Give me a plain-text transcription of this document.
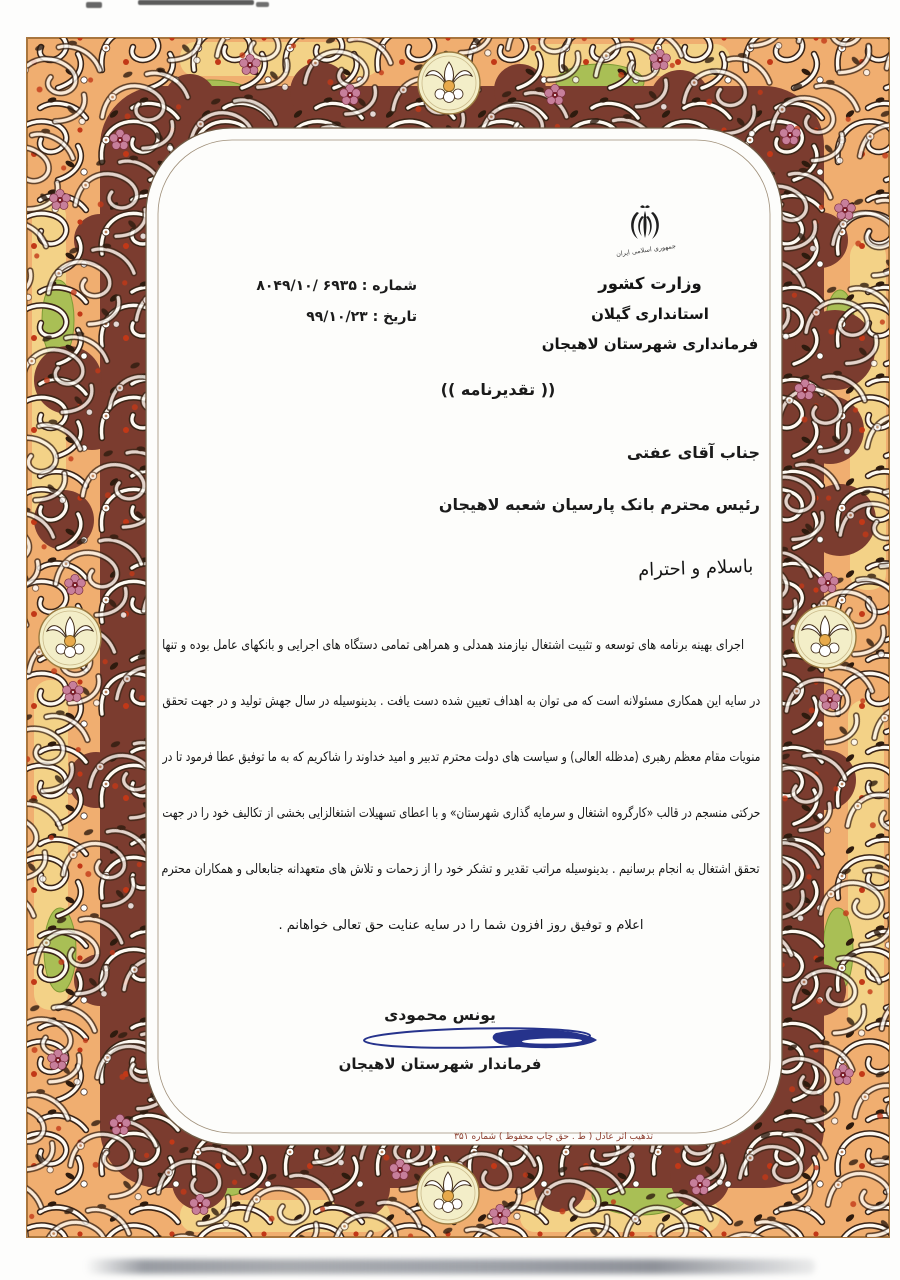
جمهوری اسلامی ایران
وزارت کشور
استانداری گیلان
فرمانداری شهرستان لاهیجان
شماره : ۸۰۴۹/۱۰/ ۶۹۳۵
تاریخ : ۹۹/۱۰/۲۳
(( تقدیرنامه ))
جناب آقای عفتی
رئیس محترم بانک پارسیان شعبه لاهیجان
باسلام و احترام
اجرای بهینه برنامه های توسعه و تثبیت اشتغال نیازمند همدلی و همراهی تمامی دستگاه های اجرایی و بانکهای عامل بوده و تنها
در سایه این همکاری مسئولانه است که می توان به اهداف تعیین شده دست یافت . بدینوسیله در سال جهش تولید و در جهت تحقق
منویات مقام معظم رهبری (مدظله العالی) و سیاست های دولت محترم تدبیر و امید خداوند را شاکریم که به ما توفیق عطا فرمود تا در
حرکتی منسجم در قالب «کارگروه اشتغال و سرمایه گذاری شهرستان» و با اعطای تسهیلات اشتغالزایی بخشی از تکالیف خود را در جهت
تحقق اشتغال به انجام برسانیم . بدینوسیله مراتب تقدیر و تشکر خود را از زحمات و تلاش های متعهدانه جنابعالی و همکاران محترم
اعلام و توفیق روز افزون شما را در سایه عنایت حق تعالی خواهانم .
یونس محمودی
فرماندار شهرستان لاهیجان
تذهیب اثر عادل ( ط . حق چاپ محفوظ ) شماره ۳۵۱
